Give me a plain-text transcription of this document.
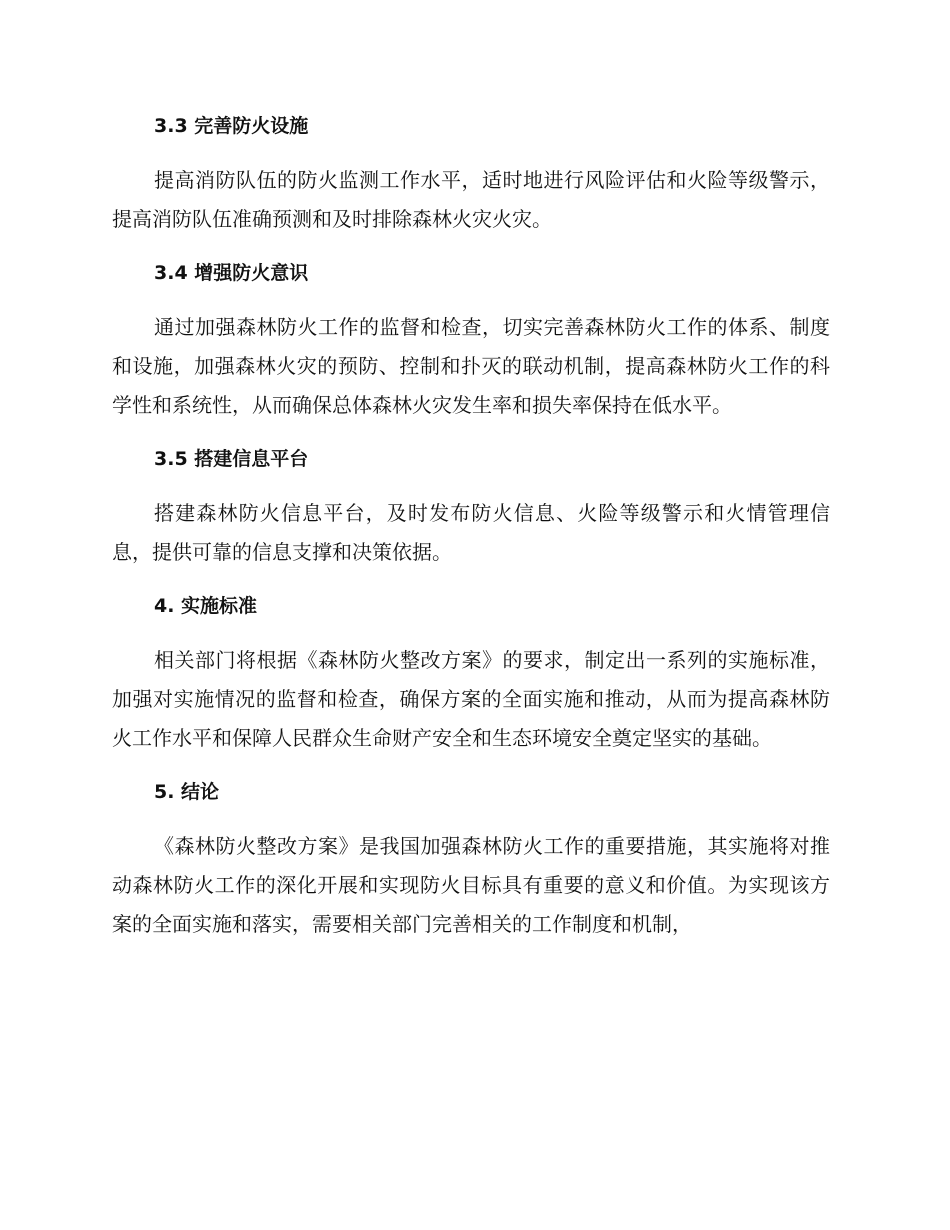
3.3 完善防火设施

提高消防队伍的防火监测工作水平，适时地进行风险评估和火险等级警示，提高消防队伍准确预测和及时排除森林火灾火灾。

3.4 增强防火意识

通过加强森林防火工作的监督和检查，切实完善森林防火工作的体系、制度和设施，加强森林火灾的预防、控制和扑灭的联动机制，提高森林防火工作的科学性和系统性，从而确保总体森林火灾发生率和损失率保持在低水平。

3.5 搭建信息平台

搭建森林防火信息平台，及时发布防火信息、火险等级警示和火情管理信息，提供可靠的信息支撑和决策依据。

4. 实施标准

相关部门将根据《森林防火整改方案》的要求，制定出一系列的实施标准，加强对实施情况的监督和检查，确保方案的全面实施和推动，从而为提高森林防火工作水平和保障人民群众生命财产安全和生态环境安全奠定坚实的基础。

5. 结论

《森林防火整改方案》是我国加强森林防火工作的重要措施，其实施将对推动森林防火工作的深化开展和实现防火目标具有重要的意义和价值。为实现该方案的全面实施和落实，需要相关部门完善相关的工作制度和机制，
